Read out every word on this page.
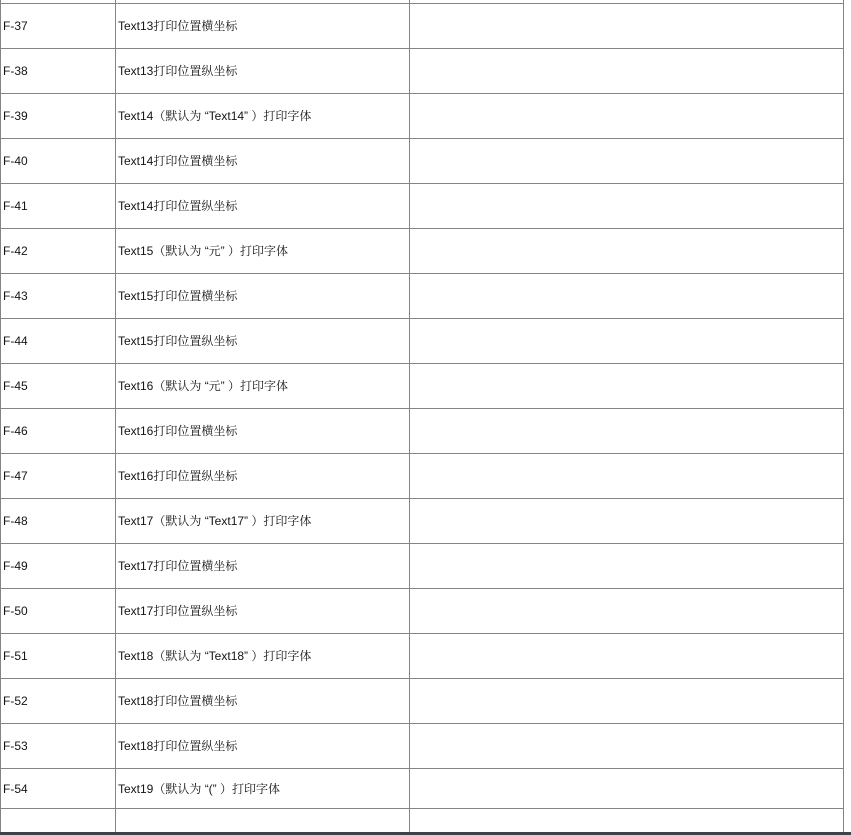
F-37	Text13打印位置横坐标	
F-38	Text13打印位置纵坐标	
F-39	Text14（默认为 “Text14” ）打印字体	
F-40	Text14打印位置横坐标	
F-41	Text14打印位置纵坐标	
F-42	Text15（默认为 “元” ）打印字体	
F-43	Text15打印位置横坐标	
F-44	Text15打印位置纵坐标	
F-45	Text16（默认为 “元” ）打印字体	
F-46	Text16打印位置横坐标	
F-47	Text16打印位置纵坐标	
F-48	Text17（默认为 “Text17” ）打印字体	
F-49	Text17打印位置横坐标	
F-50	Text17打印位置纵坐标	
F-51	Text18（默认为 “Text18” ）打印字体	
F-52	Text18打印位置横坐标	
F-53	Text18打印位置纵坐标	
F-54	Text19（默认为 “(” ）打印字体	
